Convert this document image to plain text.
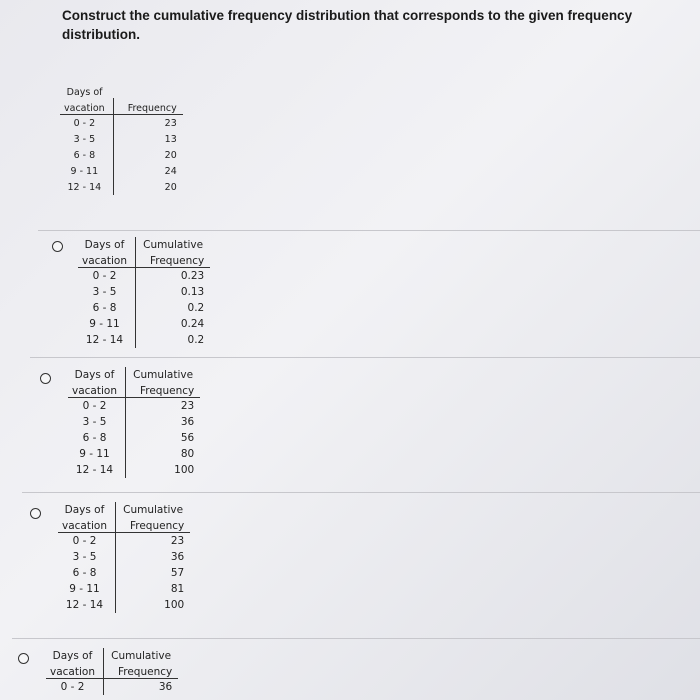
Construct the cumulative frequency distribution that corresponds to the given frequency distribution.
Days of	
vacation	Frequency
0 - 2	23
3 - 5	13
6 - 8	20
9 - 11	24
12 - 14	20
Days of	Cumulative
vacation	Frequency
0 - 2	0.23
3 - 5	0.13
6 - 8	0.2
9 - 11	0.24
12 - 14	0.2
Days of	Cumulative
vacation	Frequency
0 - 2	23
3 - 5	36
6 - 8	56
9 - 11	80
12 - 14	100
Days of	Cumulative
vacation	Frequency
0 - 2	23
3 - 5	36
6 - 8	57
9 - 11	81
12 - 14	100
Days of	Cumulative
vacation	Frequency
0 - 2	36
